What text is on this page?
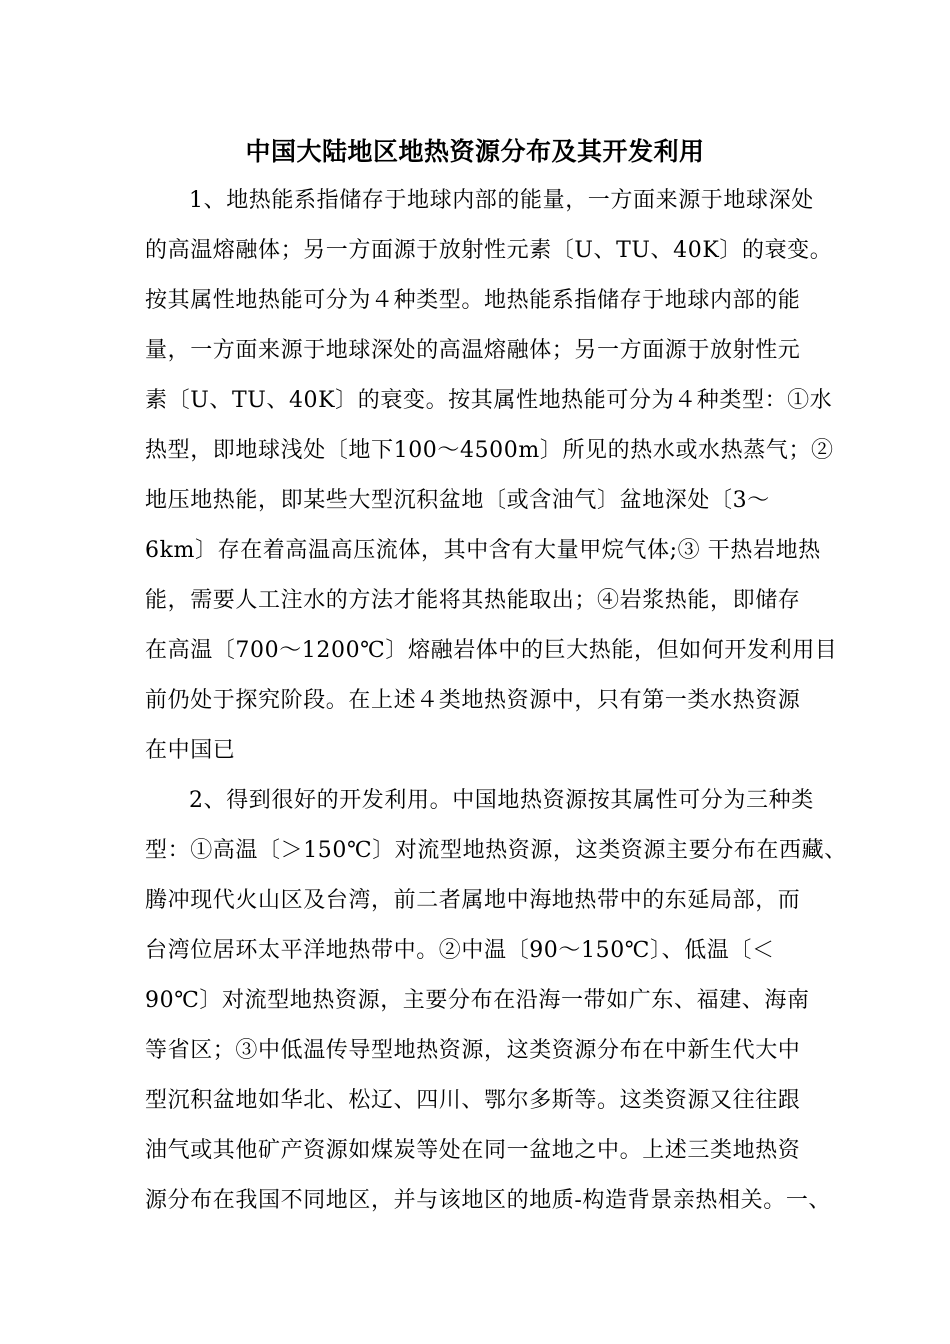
中国大陆地区地热资源分布及其开发利用
1、地热能系指储存于地球内部的能量，一方面来源于地球深处
的高温熔融体；另一方面源于放射性元素〔U、TU、40K〕的衰变。
按其属性地热能可分为４种类型。地热能系指储存于地球内部的能
量，一方面来源于地球深处的高温熔融体；另一方面源于放射性元
素〔U、TU、40K〕的衰变。按其属性地热能可分为４种类型：①水
热型，即地球浅处〔地下100～4500m〕所见的热水或水热蒸气；②
地压地热能，即某些大型沉积盆地〔或含油气〕盆地深处〔3～
6km〕存在着高温高压流体，其中含有大量甲烷气体;③ 干热岩地热
能，需要人工注水的方法才能将其热能取出；④岩浆热能，即储存
在高温〔700～1200℃〕熔融岩体中的巨大热能，但如何开发利用目
前仍处于探究阶段。在上述４类地热资源中，只有第一类水热资源
在中国已
2、得到很好的开发利用。中国地热资源按其属性可分为三种类
型：①高温〔＞150℃〕对流型地热资源，这类资源主要分布在西藏、
腾冲现代火山区及台湾，前二者属地中海地热带中的东延局部，而
台湾位居环太平洋地热带中。②中温〔90～150℃〕、低温〔＜
90℃〕对流型地热资源，主要分布在沿海一带如广东、福建、海南
等省区；③中低温传导型地热资源，这类资源分布在中新生代大中
型沉积盆地如华北、松辽、四川、鄂尔多斯等。这类资源又往往跟
油气或其他矿产资源如煤炭等处在同一盆地之中。上述三类地热资
源分布在我国不同地区，并与该地区的地质-构造背景亲热相关。一、
